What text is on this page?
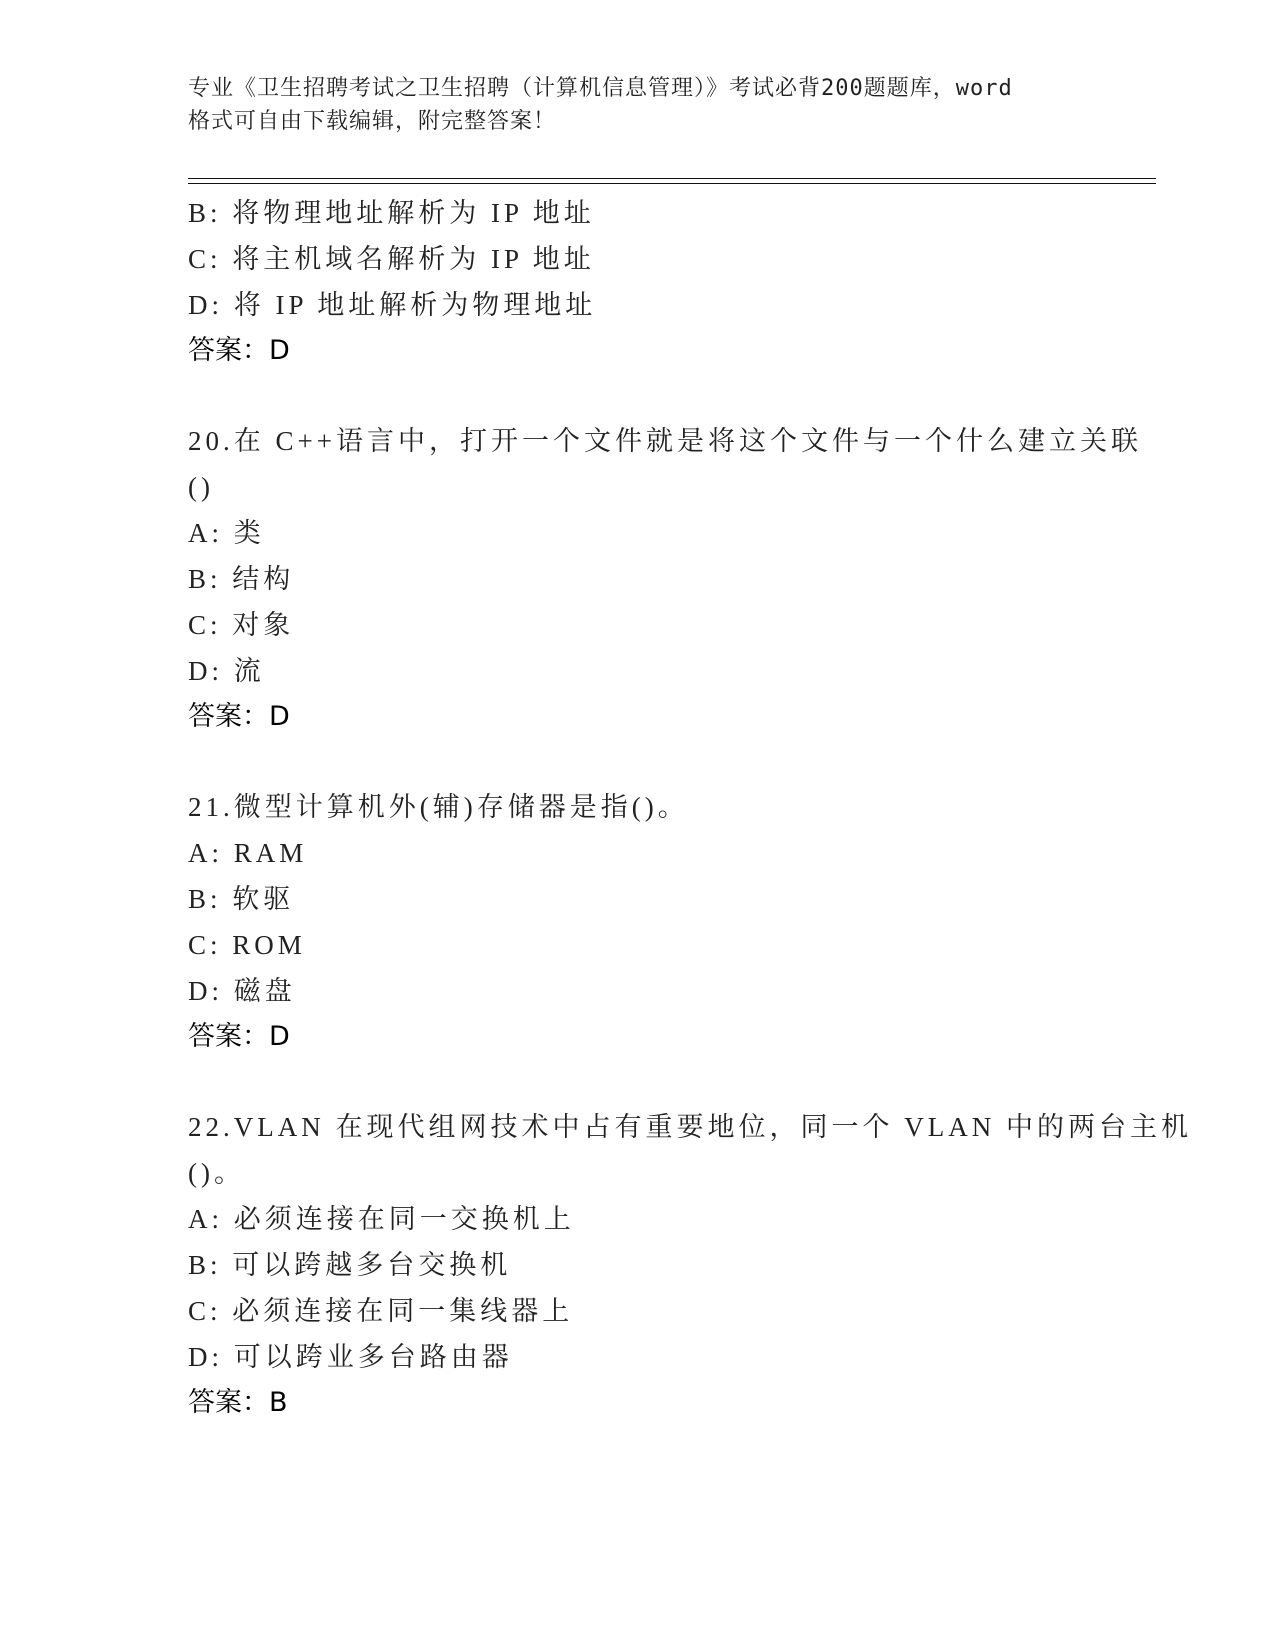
专业《卫生招聘考试之卫生招聘（计算机信息管理）》考试必背200题题库，word

格式可自由下载编辑，附完整答案！

B: 将物理地址解析为 IP 地址
C: 将主机域名解析为 IP 地址
D: 将 IP 地址解析为物理地址
答案：D
20.在 C++语言中，打开一个文件就是将这个文件与一个什么建立关联
()
A: 类
B: 结构
C: 对象
D: 流
答案：D
21.微型计算机外(辅)存储器是指()。
A: RAM
B: 软驱
C: ROM
D: 磁盘
答案：D
22.VLAN 在现代组网技术中占有重要地位，同一个 VLAN 中的两台主机
()。
A: 必须连接在同一交换机上
B: 可以跨越多台交换机
C: 必须连接在同一集线器上
D: 可以跨业多台路由器
答案：B
